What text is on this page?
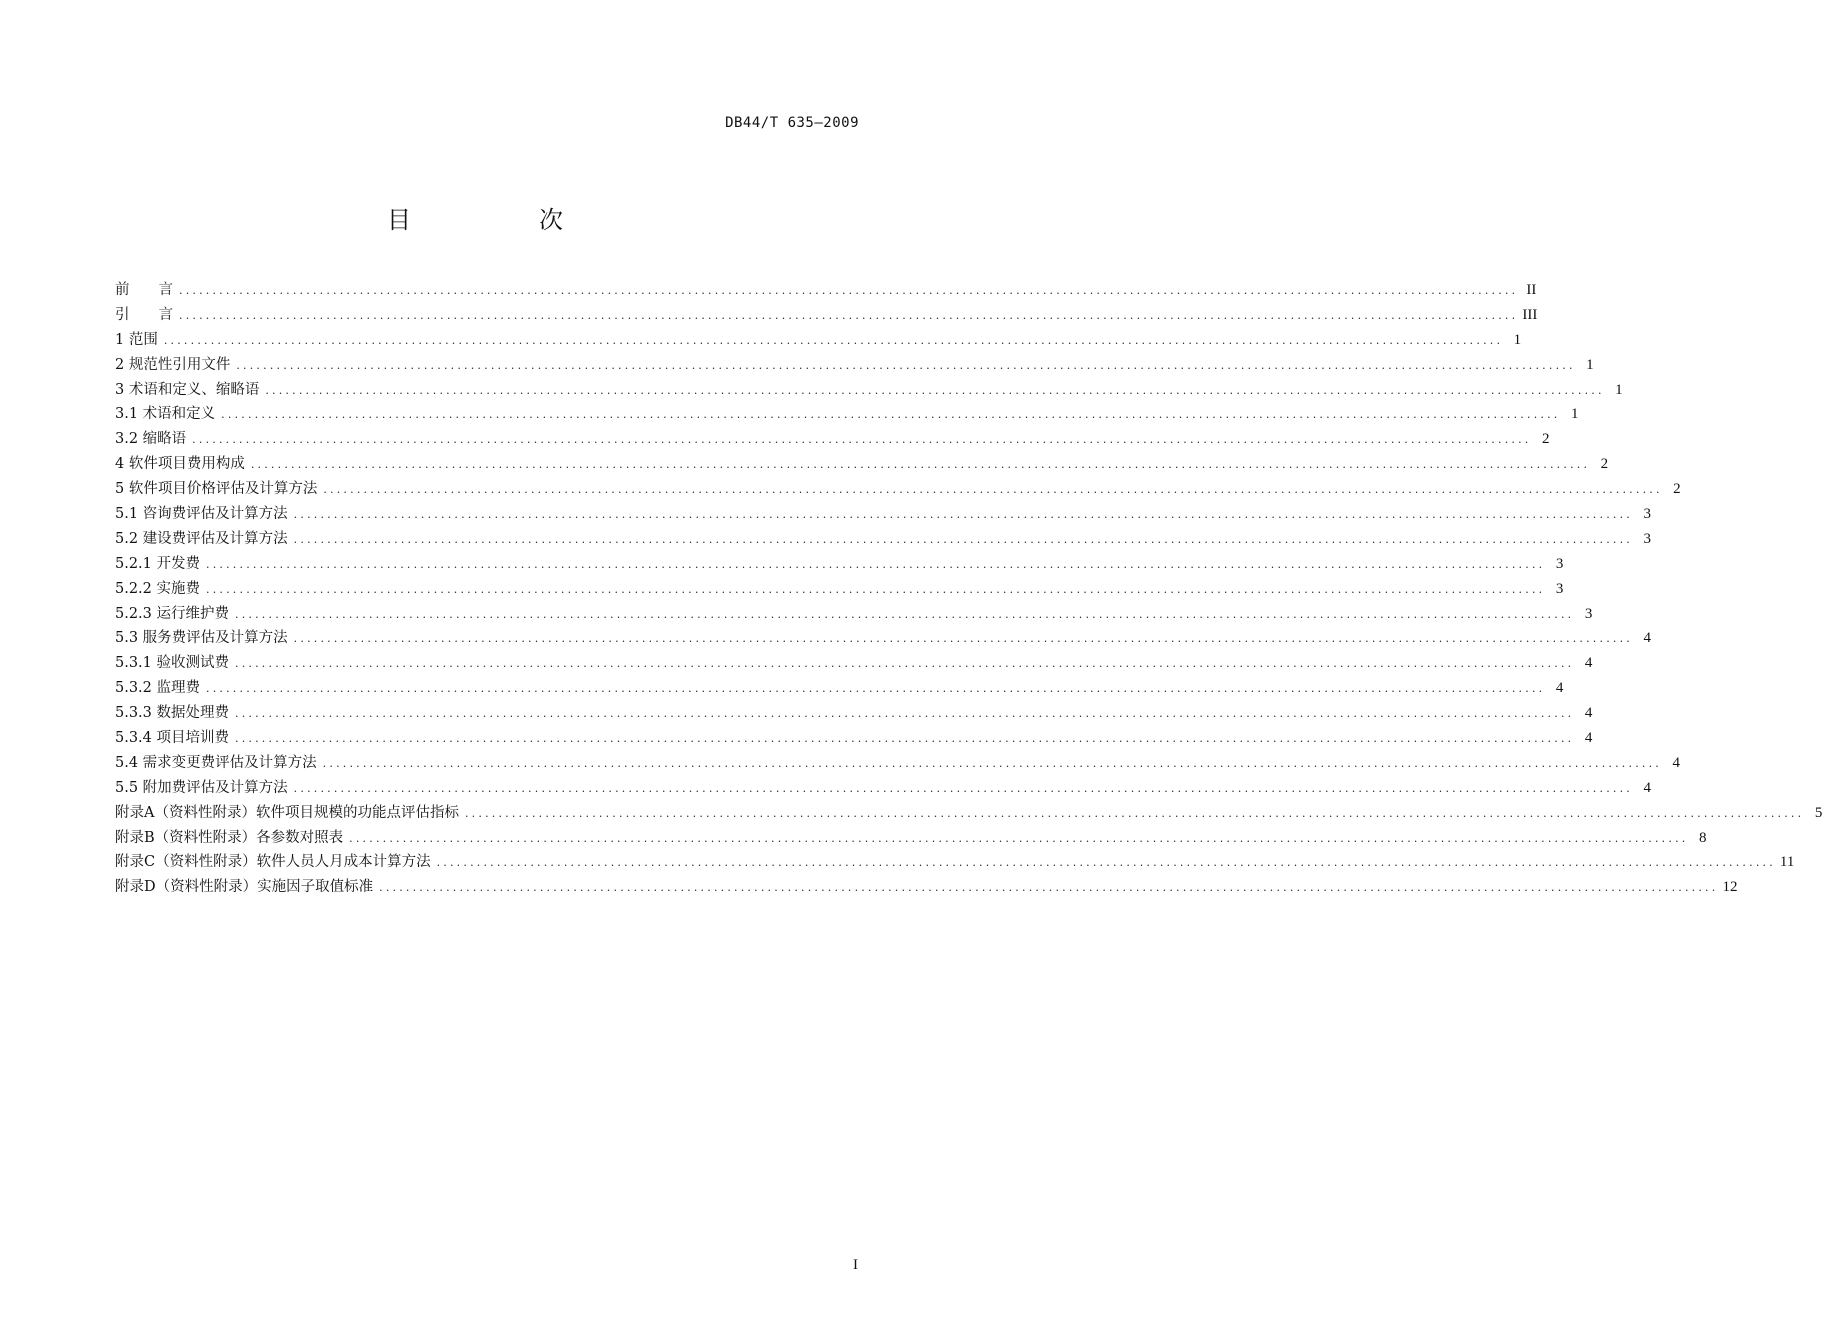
DB44/T 635—2009
目　次
前　　言 ........................................................................................................................................................................................................ II
引　　言 ........................................................................................................................................................................................................ III
1 范围 ........................................................................................................................................................................................................ 1
2 规范性引用文件 ........................................................................................................................................................................................................ 1
3 术语和定义、缩略语 ........................................................................................................................................................................................................ 1
3.1 术语和定义 ........................................................................................................................................................................................................ 1
3.2 缩略语 ........................................................................................................................................................................................................ 2
4 软件项目费用构成 ........................................................................................................................................................................................................ 2
5 软件项目价格评估及计算方法 ........................................................................................................................................................................................................ 2
5.1 咨询费评估及计算方法 ........................................................................................................................................................................................................ 3
5.2 建设费评估及计算方法 ........................................................................................................................................................................................................ 3
5.2.1 开发费 ........................................................................................................................................................................................................ 3
5.2.2 实施费 ........................................................................................................................................................................................................ 3
5.2.3 运行维护费 ........................................................................................................................................................................................................ 3
5.3 服务费评估及计算方法 ........................................................................................................................................................................................................ 4
5.3.1 验收测试费 ........................................................................................................................................................................................................ 4
5.3.2 监理费 ........................................................................................................................................................................................................ 4
5.3.3 数据处理费 ........................................................................................................................................................................................................ 4
5.3.4 项目培训费 ........................................................................................................................................................................................................ 4
5.4 需求变更费评估及计算方法 ........................................................................................................................................................................................................ 4
5.5 附加费评估及计算方法 ........................................................................................................................................................................................................ 4
附录A（资料性附录）软件项目规模的功能点评估指标 ........................................................................................................................................................................................................ 5
附录B（资料性附录）各参数对照表 ........................................................................................................................................................................................................ 8
附录C（资料性附录）软件人员人月成本计算方法 ........................................................................................................................................................................................................ 11
附录D（资料性附录）实施因子取值标准 ........................................................................................................................................................................................................ 12
I
